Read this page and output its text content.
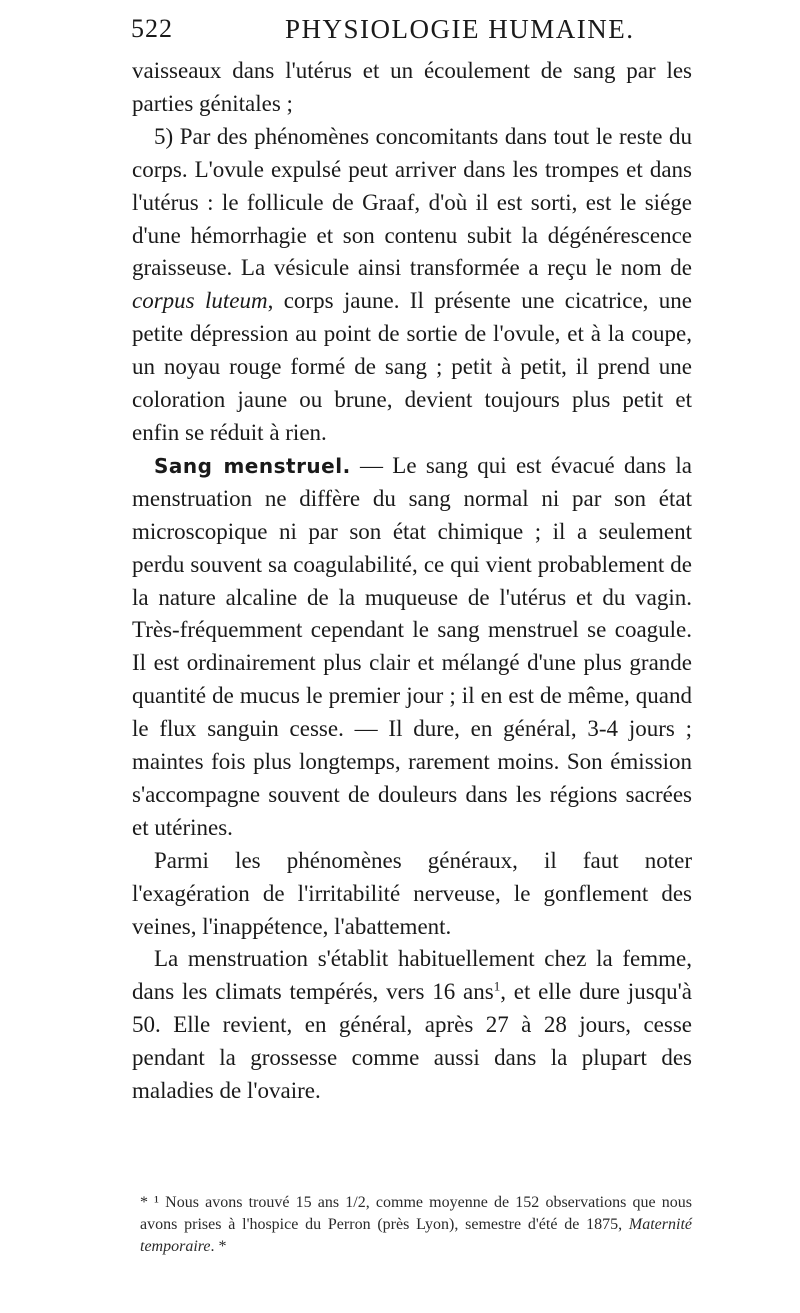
522	PHYSIOLOGIE HUMAINE.

vaisseaux dans l'utérus et un écoulement de sang par les parties génitales ;

5) Par des phénomènes concomitants dans tout le reste du corps. L'ovule expulsé peut arriver dans les trompes et dans l'utérus : le follicule de Graaf, d'où il est sorti, est le siége d'une hémorrhagie et son contenu subit la dégénérescence graisseuse. La vésicule ainsi transformée a reçu le nom de corpus luteum, corps jaune. Il présente une cicatrice, une petite dépression au point de sortie de l'ovule, et à la coupe, un noyau rouge formé de sang ; petit à petit, il prend une coloration jaune ou brune, devient toujours plus petit et enfin se réduit à rien.

Sang menstruel. — Le sang qui est évacué dans la menstruation ne diffère du sang normal ni par son état microscopique ni par son état chimique ; il a seulement perdu souvent sa coagulabilité, ce qui vient probablement de la nature alcaline de la muqueuse de l'utérus et du vagin. Très-fréquemment cependant le sang menstruel se coagule. Il est ordinairement plus clair et mélangé d'une plus grande quantité de mucus le premier jour ; il en est de même, quand le flux sanguin cesse. — Il dure, en général, 3-4 jours ; maintes fois plus longtemps, rarement moins. Son émission s'accompagne souvent de douleurs dans les régions sacrées et utérines.

Parmi les phénomènes généraux, il faut noter l'exagération de l'irritabilité nerveuse, le gonflement des veines, l'inappétence, l'abattement.

La menstruation s'établit habituellement chez la femme, dans les climats tempérés, vers 16 ans$^1$, et elle dure jusqu'à 50. Elle revient, en général, après 27 à 28 jours, cesse pendant la grossesse comme aussi dans la plupart des maladies de l'ovaire.

* ¹ Nous avons trouvé 15 ans 1/2, comme moyenne de 152 observations que nous avons prises à l'hospice du Perron (près Lyon), semestre d'été de 1875, Maternité temporaire. *
